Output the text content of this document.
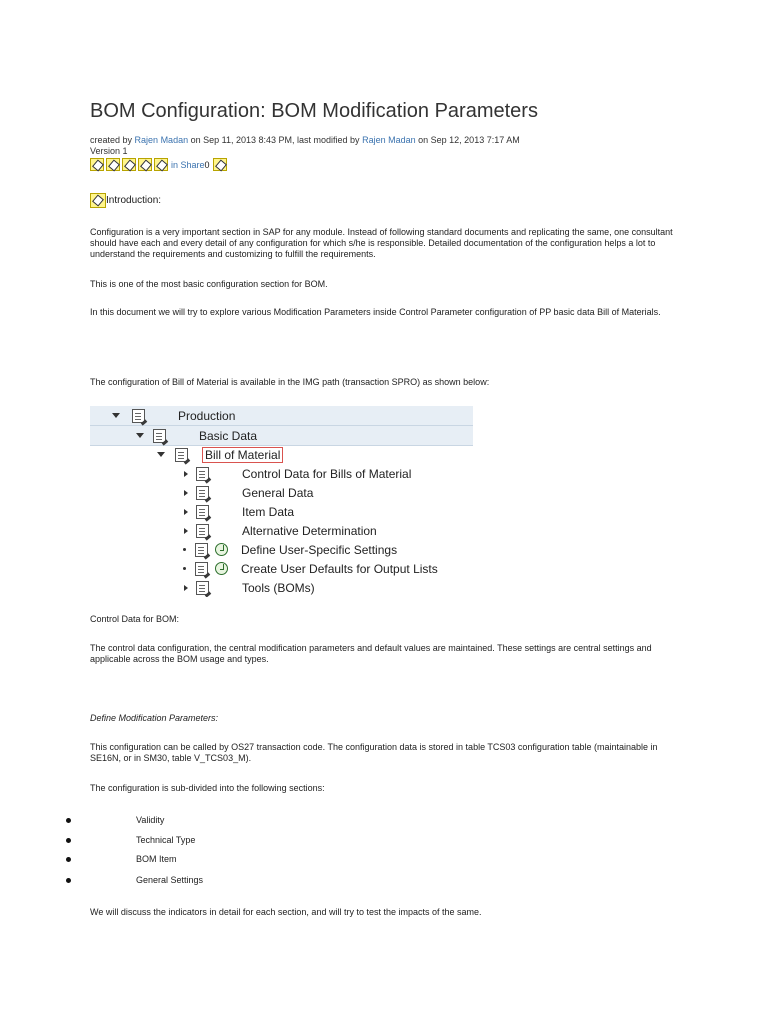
BOM Configuration: BOM Modification Parameters
created by Rajen Madan on Sep 11, 2013 8:43 PM, last modified by Rajen Madan on Sep 12, 2013 7:17 AM
Version 1
in Share 0
Introduction:
Configuration is a very important section in SAP for any module. Instead of following standard documents and replicating the same, one consultant should have each and every detail of any configuration for which s/he is responsible. Detailed documentation of the configuration helps a lot to understand the requirements and customizing to fulfill the requirements.
This is one of the most basic configuration section for BOM.
In this document we will try to explore various Modification Parameters inside Control Parameter configuration of PP basic data Bill of Materials.
The configuration of Bill of Material is available in the IMG path (transaction SPRO) as shown below:
Production
Basic Data
Bill of Material
Control Data for Bills of Material
General Data
Item Data
Alternative Determination
Define User-Specific Settings
Create User Defaults for Output Lists
Tools (BOMs)
Control Data for BOM:
The control data configuration, the central modification parameters and default values are maintained. These settings are central settings and applicable across the BOM usage and types.
Define Modification Parameters:
This configuration can be called by OS27 transaction code. The configuration data is stored in table TCS03 configuration table (maintainable in SE16N, or in SM30, table V_TCS03_M).
The configuration is sub-divided into the following sections:
Validity
Technical Type
BOM Item
General Settings
We will discuss the indicators in detail for each section, and will try to test the impacts of the same.
